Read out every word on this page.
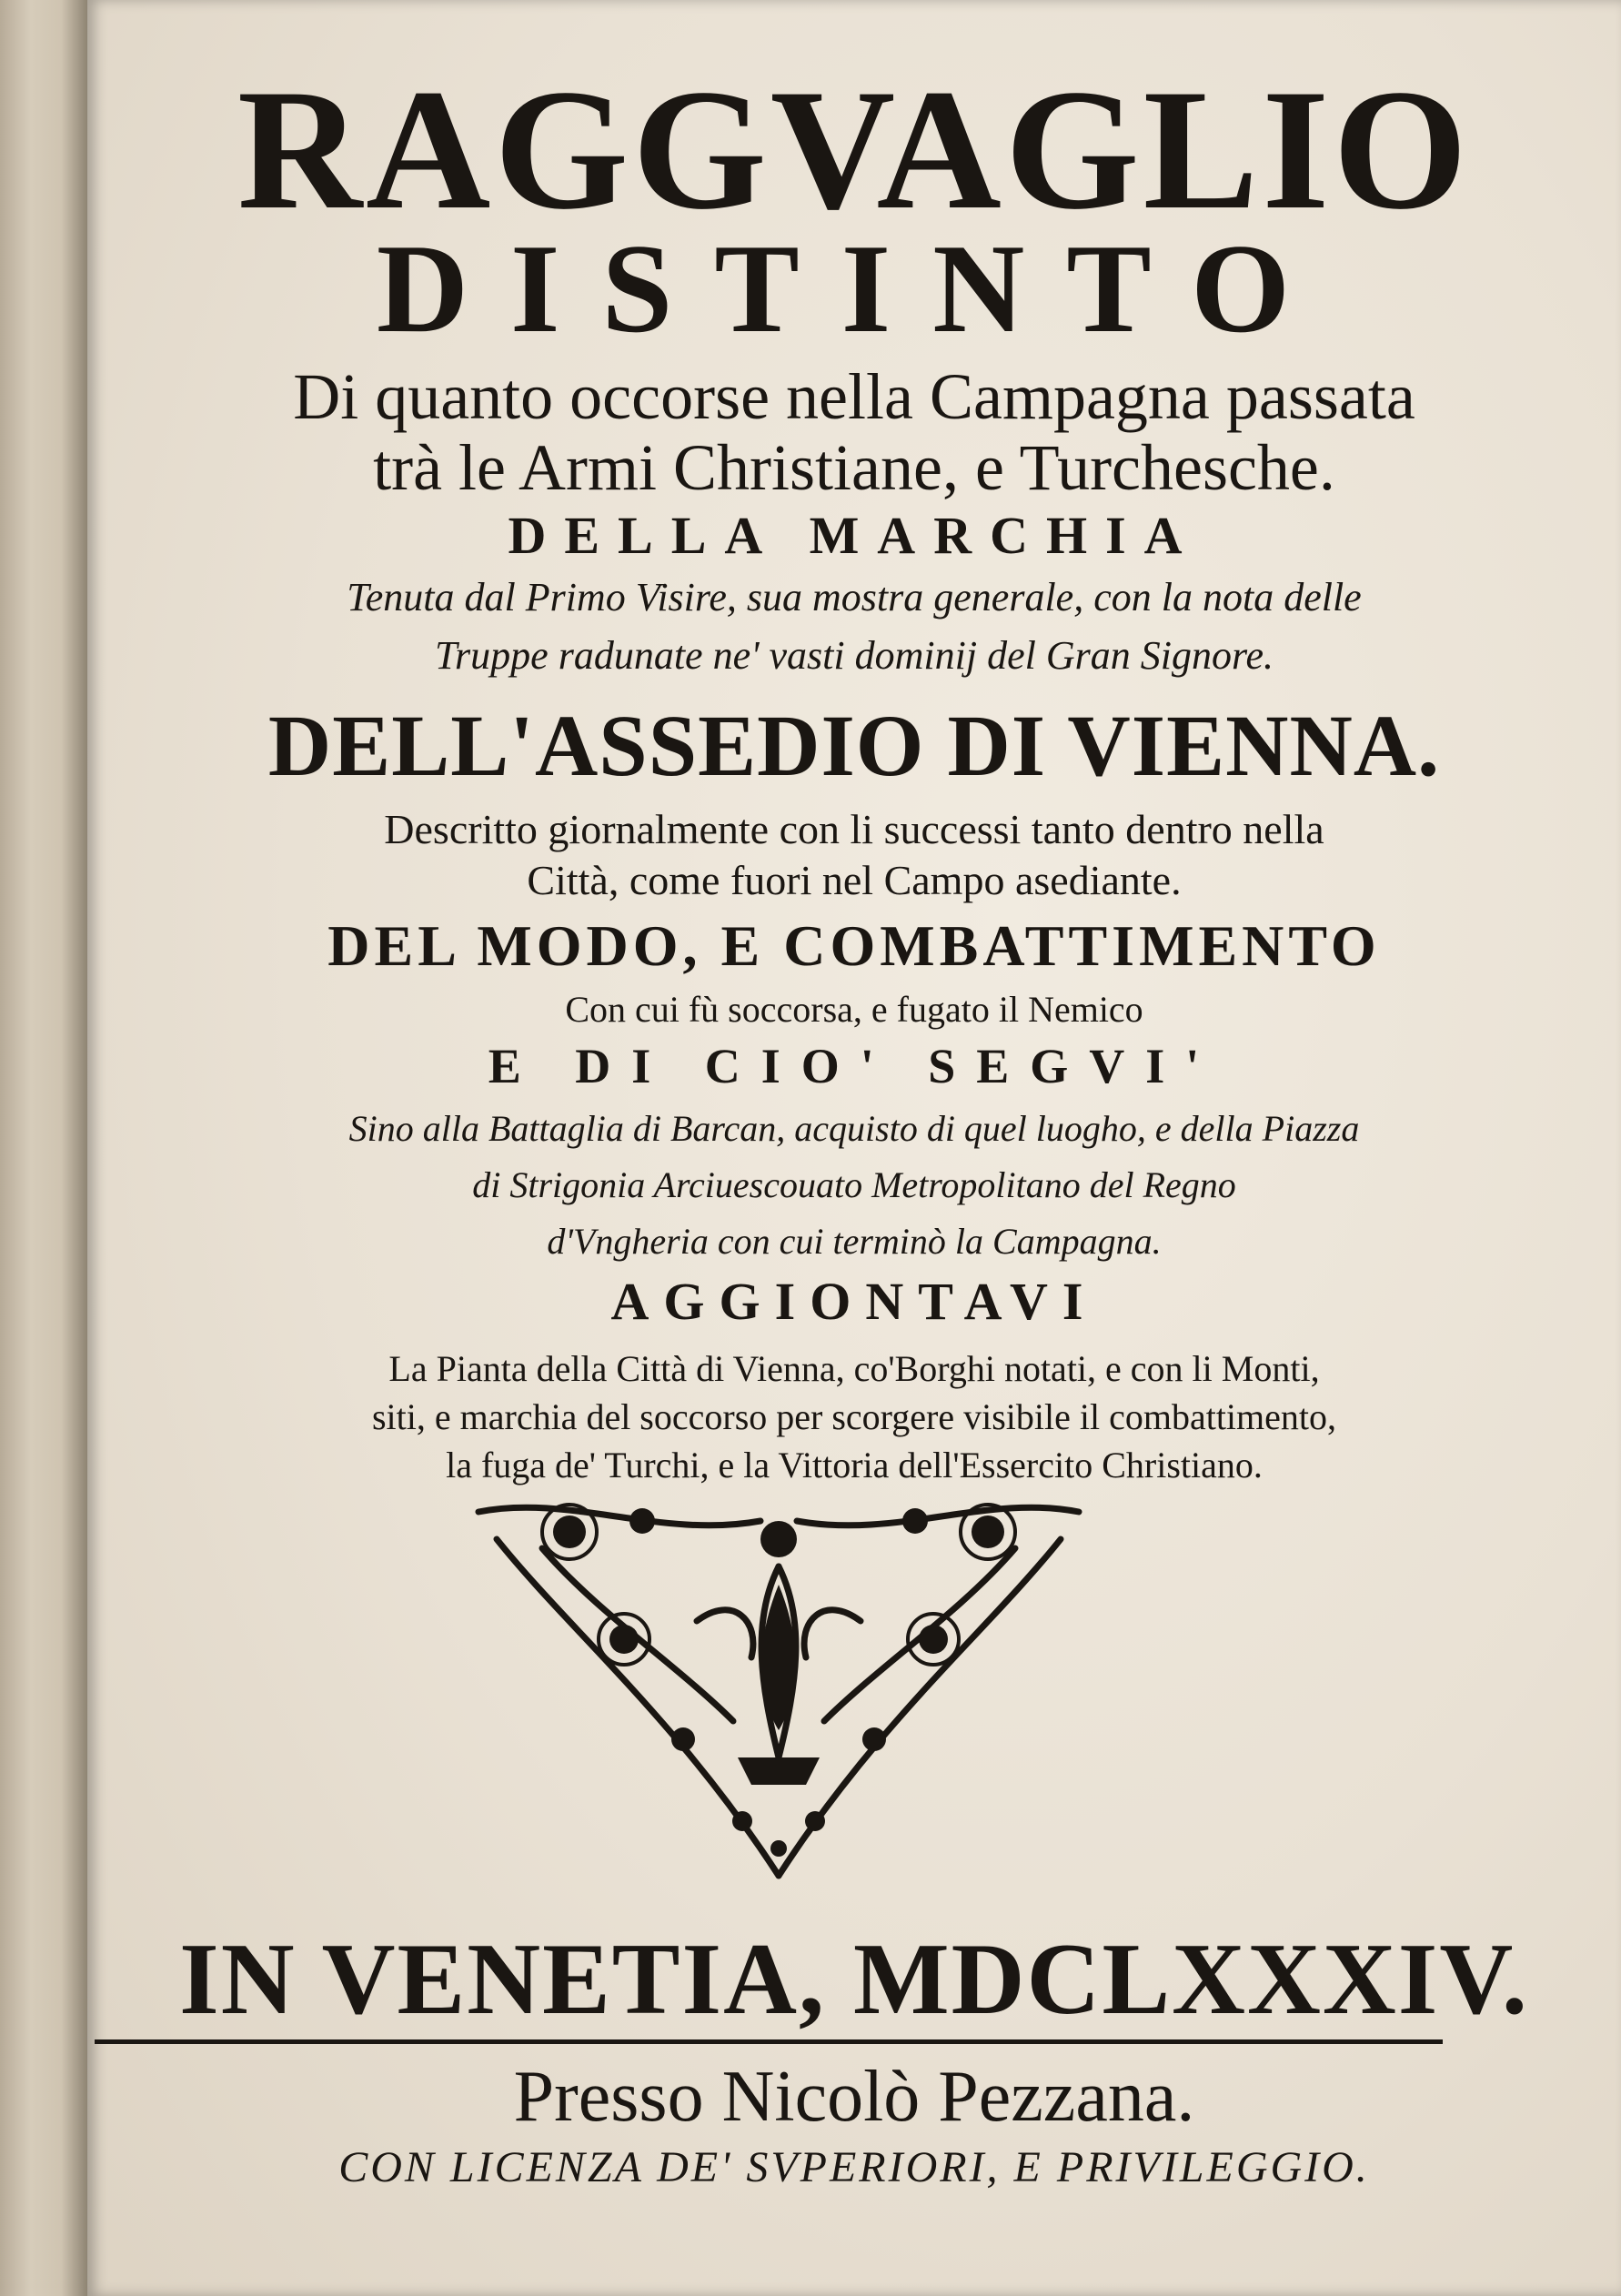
RAGGVAGLIO
DISTINTO
Di quanto occorse nella Campagna passata
trà le Armi Christiane, e Turchesche.
DELLA MARCHIA
Tenuta dal Primo Visire, sua mostra generale, con la nota delle
Truppe radunate ne' vasti dominij del Gran Signore.
DELL'ASSEDIO DI VIENNA.
Descritto giornalmente con li successi tanto dentro nella
Città, come fuori nel Campo asediante.
DEL MODO, E COMBATTIMENTO
Con cui fù soccorsa, e fugato il Nemico
E DI CIO' SEGVI'
Sino alla Battaglia di Barcan, acquisto di quel luogho, e della Piazza
di Strigonia Arciuescouato Metropolitano del Regno
d'Vngheria con cui terminò la Campagna.
AGGIONTAVI
La Pianta della Città di Vienna, co'Borghi notati, e con li Monti,
siti, e marchia del soccorso per scorgere visibile il combattimento,
la fuga de' Turchi, e la Vittoria dell'Essercito Christiano.
IN VENETIA, MDCLXXXIV.
Presso Nicolò Pezzana.
CON LICENZA DE' SVPERIORI, E PRIVILEGGIO.
